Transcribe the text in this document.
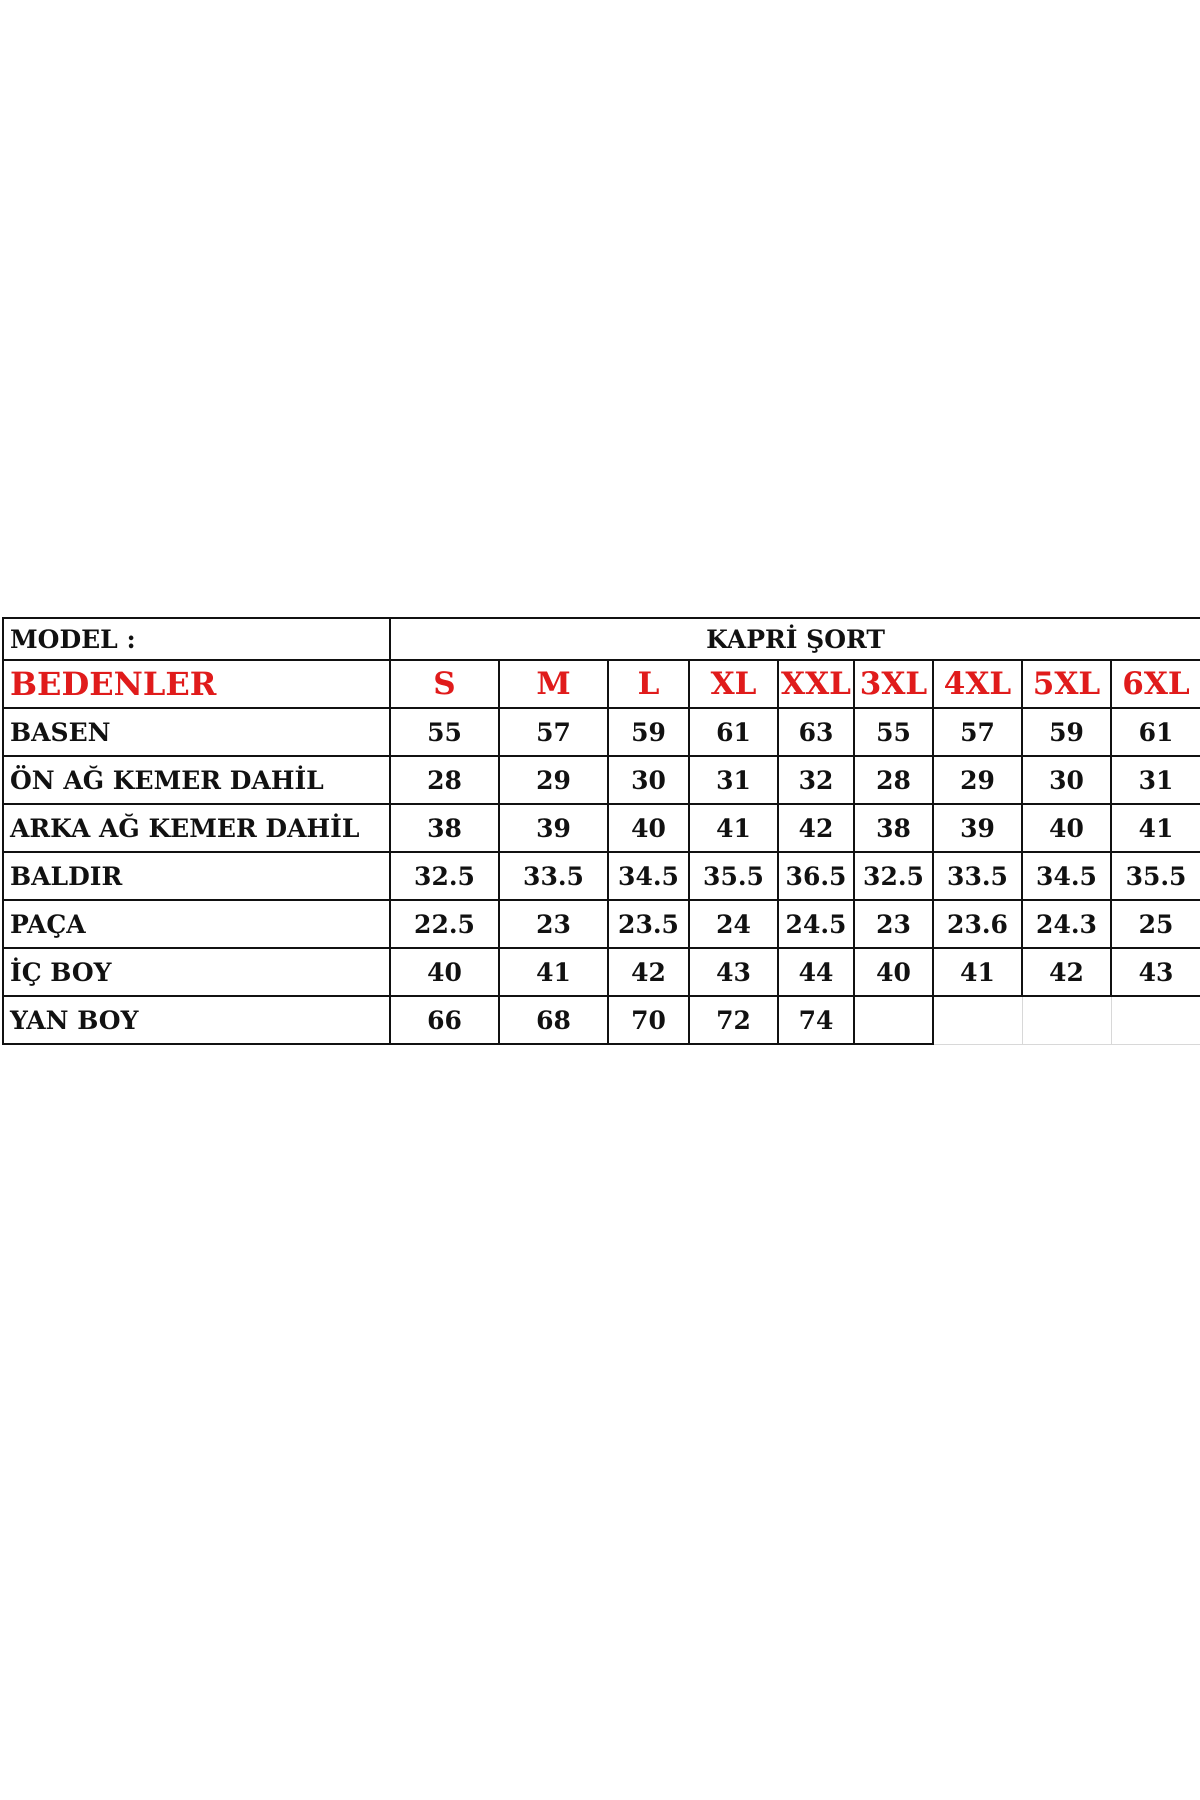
MODEL :	KAPRİ ŞORT								
BEDENLER	S	M	L	XL	XXL	3XL	4XL	5XL	6XL
BASEN	55	57	59	61	63	55	57	59	61
ÖN AĞ KEMER DAHİL	28	29	30	31	32	28	29	30	31
ARKA AĞ KEMER DAHİL	38	39	40	41	42	38	39	40	41
BALDIR	32.5	33.5	34.5	35.5	36.5	32.5	33.5	34.5	35.5
PAÇA	22.5	23	23.5	24	24.5	23	23.6	24.3	25
İÇ BOY	40	41	42	43	44	40	41	42	43
YAN BOY	66	68	70	72	74				
